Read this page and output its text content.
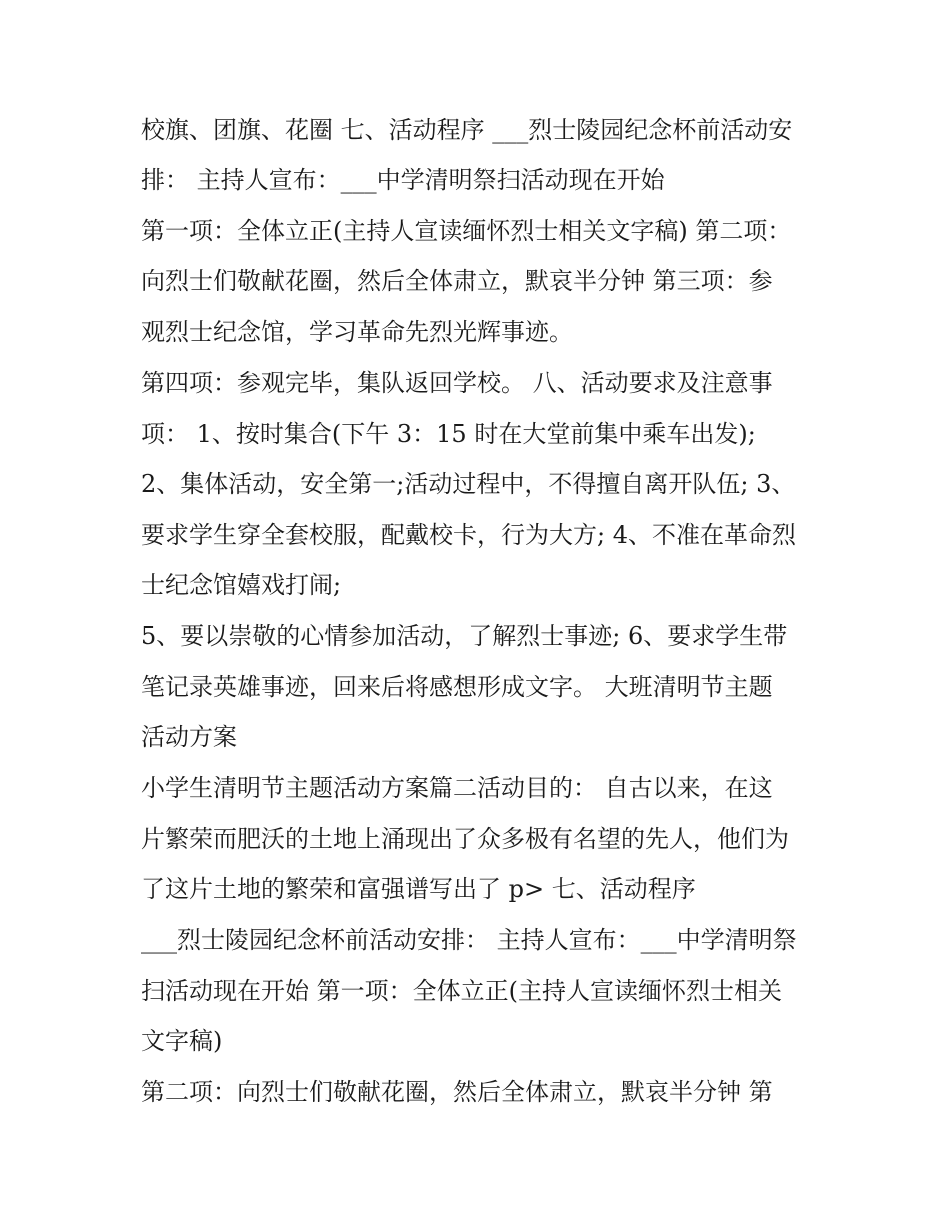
校旗、团旗、花圈 七、活动程序 ___烈士陵园纪念杯前活动安
排： 主持人宣布：___中学清明祭扫活动现在开始
第一项：全体立正(主持人宣读缅怀烈士相关文字稿) 第二项：
向烈士们敬献花圈，然后全体肃立，默哀半分钟 第三项：参
观烈士纪念馆，学习革命先烈光辉事迹。
第四项：参观完毕，集队返回学校。 八、活动要求及注意事
项： 1、按时集合(下午 3：15 时在大堂前集中乘车出发);
2、集体活动，安全第一;活动过程中，不得擅自离开队伍; 3、
要求学生穿全套校服，配戴校卡，行为大方; 4、不准在革命烈
士纪念馆嬉戏打闹;
5、要以崇敬的心情参加活动，了解烈士事迹; 6、要求学生带
笔记录英雄事迹，回来后将感想形成文字。 大班清明节主题
活动方案
小学生清明节主题活动方案篇二活动目的： 自古以来，在这
片繁荣而肥沃的土地上涌现出了众多极有名望的先人，他们为
了这片土地的繁荣和富强谱写出了 p> 七、活动程序
___烈士陵园纪念杯前活动安排： 主持人宣布：___中学清明祭
扫活动现在开始 第一项：全体立正(主持人宣读缅怀烈士相关
文字稿)
第二项：向烈士们敬献花圈，然后全体肃立，默哀半分钟 第
